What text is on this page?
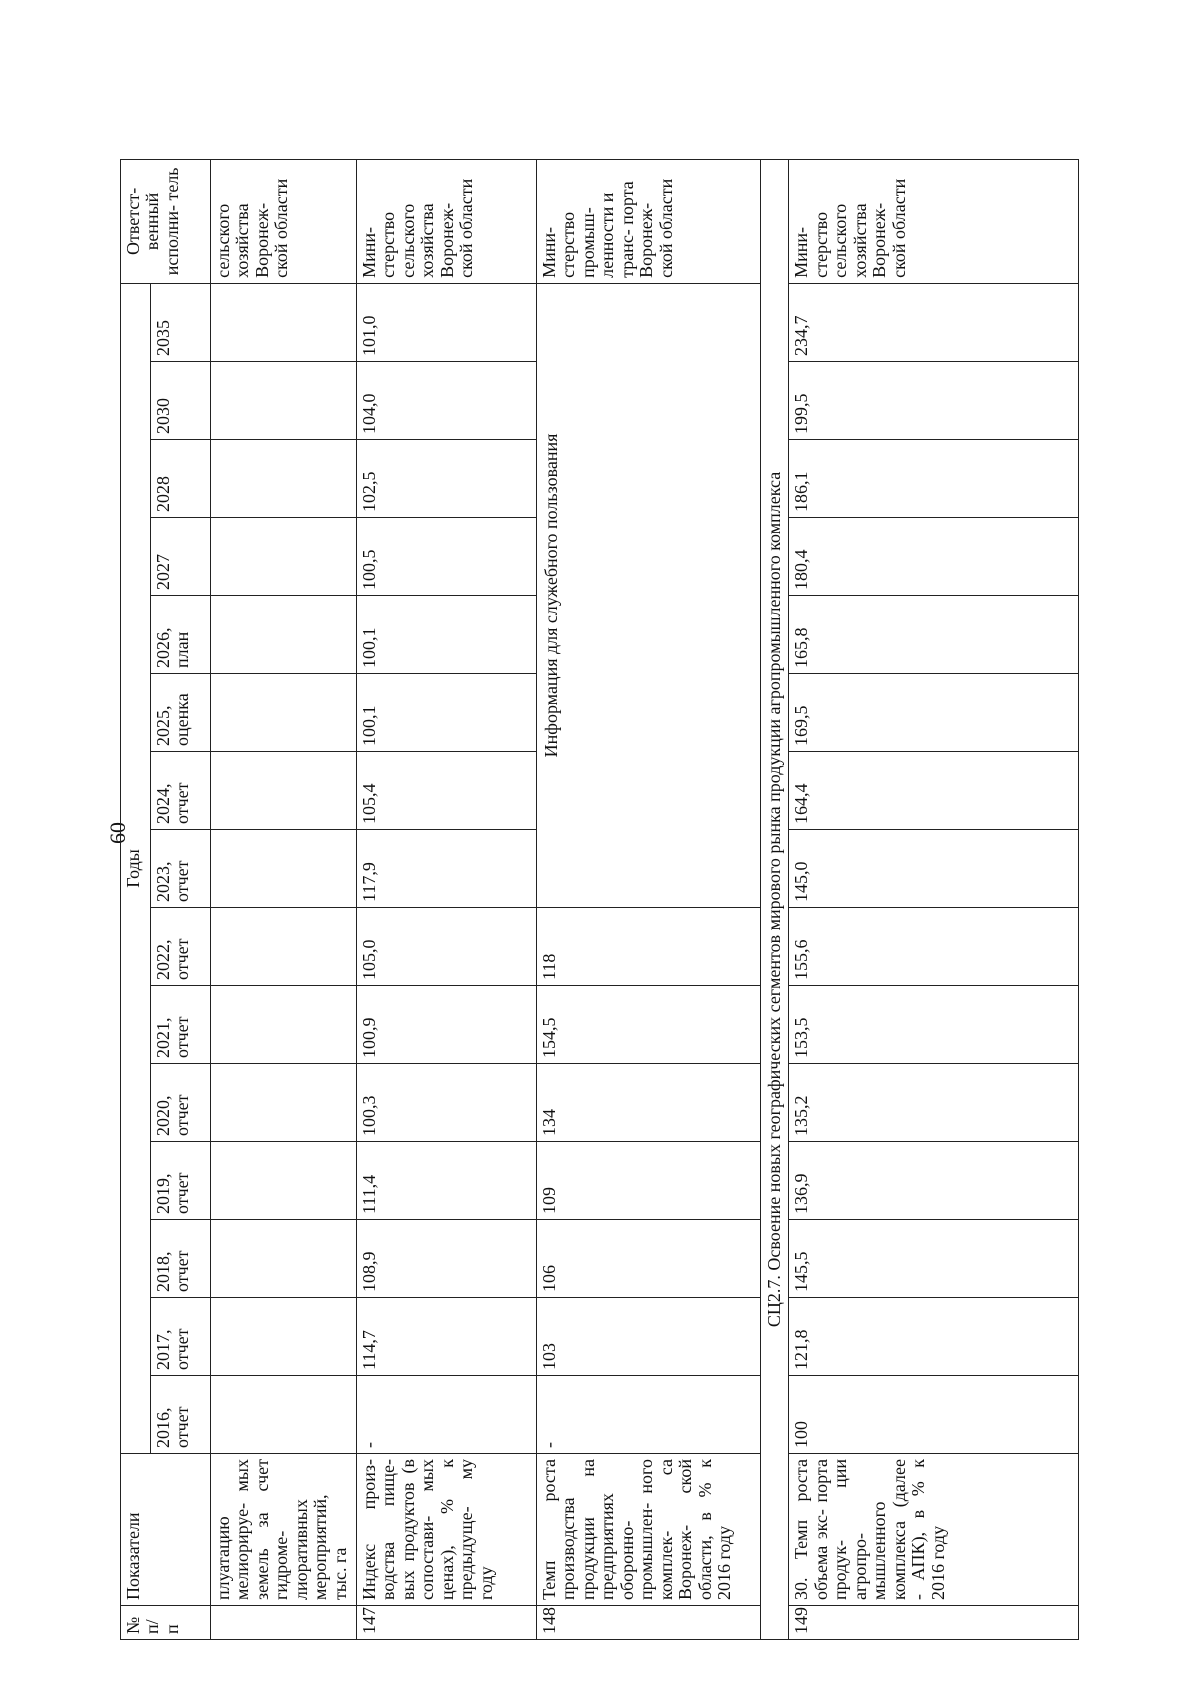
60
№ п/п	Показатели	Годы															Ответст- венный исполни- тель
		2016, отчет	2017, отчет	2018, отчет	2019, отчет	2020, отчет	2021, отчет	2022, отчет	2023, отчет	2024, отчет	2025, оценка	2026, план	2027	2028	2030	2035	
	плуатацию мелиорируе- мых земель за счет гидроме- лиоративных мероприятий, тыс. га																сельского хозяйства Воронеж- ской области
147	Индекс произ- водства пище- вых продуктов (в сопостави- мых ценах), % к предыдуще- му году	-	114,7	108,9	111,4	100,3	100,9	105,0	117,9	105,4	100,1	100,1	100,5	102,5	104,0	101,0	Мини- стерство сельского хозяйства Воронеж- ской области
148	Темп роста производства продукции на предприятиях оборонно- промышлен- ного комплек- са Воронеж- ской области, в % к 2016 году	-	103	106	109	134	154,5	118	Информация для служебного пользования								Мини- стерство промыш- ленности и транс- порта Воронеж- ской области
СЦ2.7. Освоение новых географических сегментов мирового рынка продукции агропромышленного комплекса																	
149	30. Темп роста объема экс- порта продук- ции агропро- мышленного комплекса (далее - АПК), в % к 2016 году	100	121,8	145,5	136,9	135,2	153,5	155,6	145,0	164,4	169,5	165,8	180,4	186,1	199,5	234,7	Мини- стерство сельского хозяйства Воронеж- ской области
